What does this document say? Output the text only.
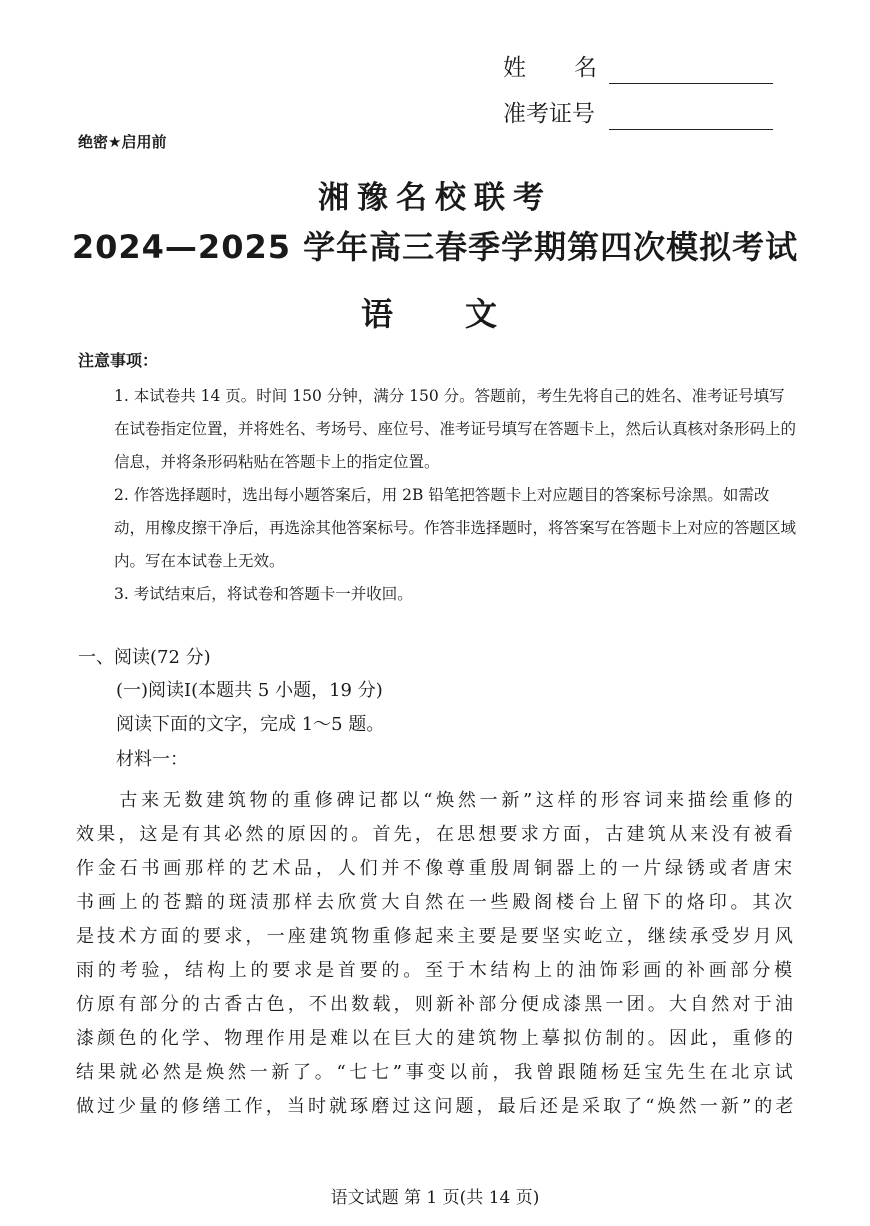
姓名
准考证号
绝密★启用前
湘豫名校联考
2024—2025 学年高三春季学期第四次模拟考试
语文
注意事项：
1. 本试卷共 14 页。时间 150 分钟，满分 150 分。答题前，考生先将自己的姓名、准考证号填写在试卷指定位置，并将姓名、考场号、座位号、准考证号填写在答题卡上，然后认真核对条形码上的信息，并将条形码粘贴在答题卡上的指定位置。
2. 作答选择题时，选出每小题答案后，用 2B 铅笔把答题卡上对应题目的答案标号涂黑。如需改动，用橡皮擦干净后，再选涂其他答案标号。作答非选择题时，将答案写在答题卡上对应的答题区域内。写在本试卷上无效。
3. 考试结束后，将试卷和答题卡一并收回。
一、阅读(72 分)
(一)阅读Ⅰ(本题共 5 小题，19 分)
阅读下面的文字，完成 1～5 题。
材料一：
　　古来无数建筑物的重修碑记都以“焕然一新”这样的形容词来描绘重修的
效果，这是有其必然的原因的。首先，在思想要求方面，古建筑从来没有被看
作金石书画那样的艺术品，人们并不像尊重殷周铜器上的一片绿锈或者唐宋
书画上的苍黯的斑渍那样去欣赏大自然在一些殿阁楼台上留下的烙印。其次
是技术方面的要求，一座建筑物重修起来主要是要坚实屹立，继续承受岁月风
雨的考验，结构上的要求是首要的。至于木结构上的油饰彩画的补画部分模
仿原有部分的古香古色，不出数载，则新补部分便成漆黑一团。大自然对于油
漆颜色的化学、物理作用是难以在巨大的建筑物上摹拟仿制的。因此，重修的
结果就必然是焕然一新了。“七七”事变以前，我曾跟随杨廷宝先生在北京试
做过少量的修缮工作，当时就琢磨过这问题，最后还是采取了“焕然一新”的老
语文试题 第 1 页(共 14 页)
